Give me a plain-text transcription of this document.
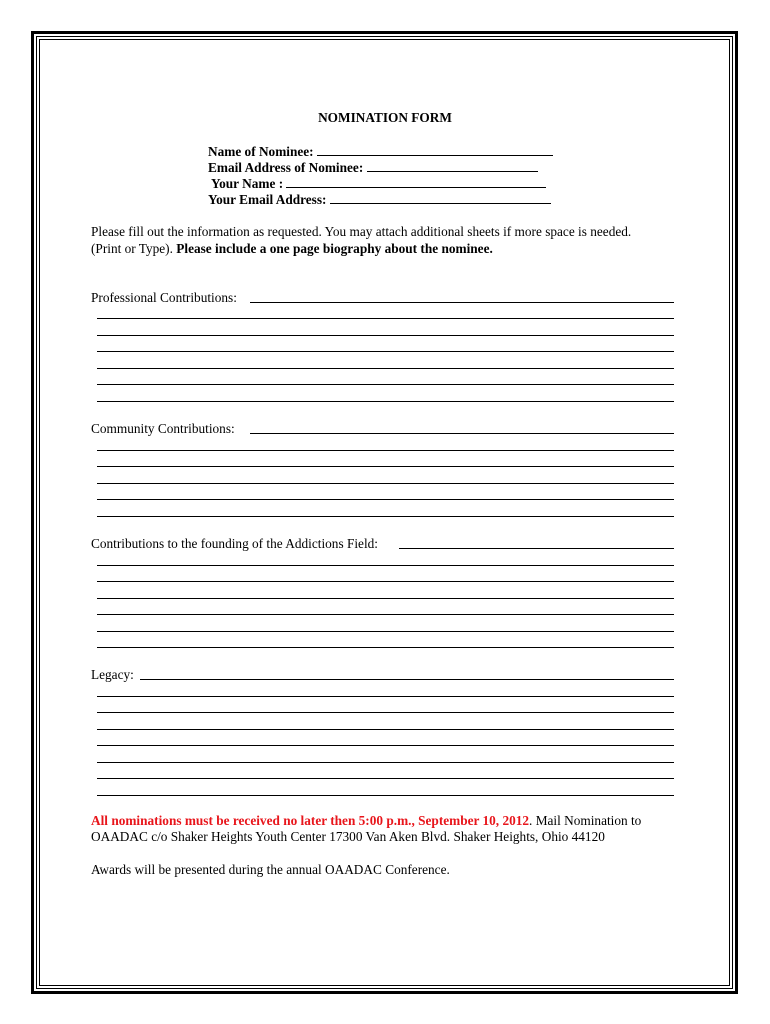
NOMINATION FORM
Name of Nominee:
Email Address of Nominee:
Your Name :
Your Email Address:
Please fill out the information as requested. You may attach additional sheets if more space is needed.
(Print or Type). Please include a one page biography about the nominee.
Professional Contributions:
Community Contributions:
Contributions to the founding of the Addictions Field:
Legacy:
All nominations must be received no later then 5:00 p.m., September 10, 2012. Mail Nomination to
OAADAC c/o Shaker Heights Youth Center 17300 Van Aken Blvd. Shaker Heights, Ohio 44120
Awards will be presented during the annual OAADAC Conference.
